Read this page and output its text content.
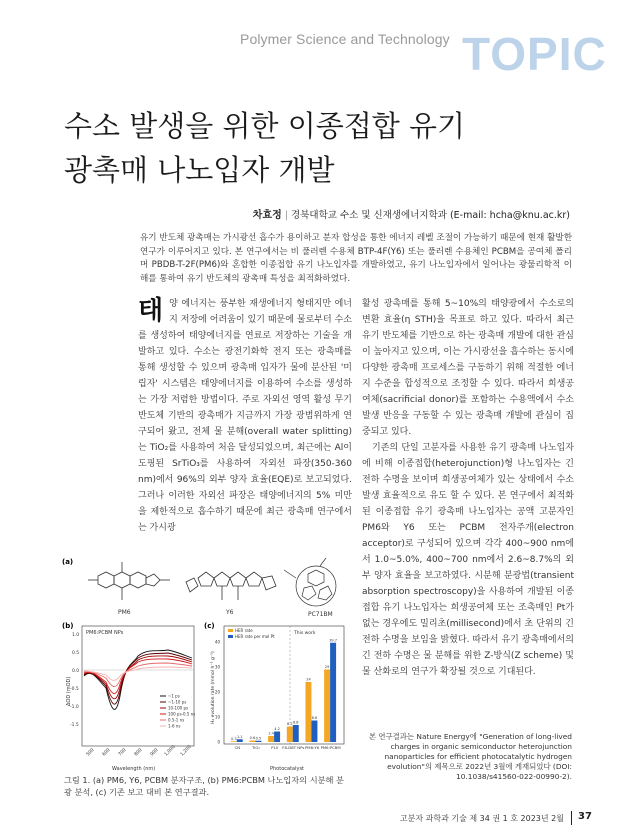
Polymer Science and Technology TOPIC
수소 발생을 위한 이종접합 유기
광촉매 나노입자 개발
차효정 | 경북대학교 수소 및 신재생에너지학과 (E-mail: hcha@knu.ac.kr)
유기 반도체 광촉매는 가시광선 흡수가 용이하고 분자 합성을 통한 에너지 레벨 조절이 가능하기 때문에 현재 활발한 연구가 이루어지고 있다. 본 연구에서는 비 풀러렌 수용체 BTP-4F(Y6) 또는 풀러렌 수용체인 PCBM을 공여체 폴리머 PBDB-T-2F(PM6)와 혼합한 이종접합 유기 나노입자를 개발하였고, 유기 나노입자에서 일어나는 광물리학적 이해를 통하여 유기 반도체의 광촉매 특성을 최적화하였다.
태 양 에너지는 풍부한 재생에너지 형태지만 에너지 저장에 어려움이 있기 때문에 물로부터 수소를 생성하여 태양에너지를 연료로 저장하는 기술을 개발하고 있다. 수소는 광전기화학 전지 또는 광촉매를 통해 생성할 수 있으며 광촉매 입자가 물에 분산된 '미립자' 시스템은 태양에너지를 이용하여 수소를 생성하는 가장 저렴한 방법이다. 주로 자외선 영역 활성 무기 반도체 기반의 광촉매가 지금까지 가장 광범위하게 연구되어 왔고, 전체 물 분해(overall water splitting)는 TiO₂를 사용하여 처음 달성되었으며, 최근에는 Al이 도핑된 SrTiO₃를 사용하여 자외선 파장(350-360 nm)에서 96%의 외부 양자 효율(EQE)로 보고되었다. 그러나 이러한 자외선 파장은 태양에너지의 5% 미만을 제한적으로 흡수하기 때문에 최근 광촉매 연구에서는 가시광

활성 광촉매를 통해 5~10%의 태양광에서 수소로의 변환 효율(η STH)을 목표로 하고 있다. 따라서 최근 유기 반도체를 기반으로 하는 광촉매 개발에 대한 관심이 높아지고 있으며, 이는 가시광선을 흡수하는 동시에 다양한 광촉매 프로세스를 구동하기 위해 적절한 에너지 수준을 합성적으로 조정할 수 있다. 따라서 희생공여체(sacrificial donor)를 포함하는 수용액에서 수소 발생 반응을 구동할 수 있는 광촉매 개발에 관심이 집중되고 있다.

기존의 단일 고분자를 사용한 유기 광촉매 나노입자에 비해 이종접합(heterojunction)형 나노입자는 긴 전하 수명을 보이며 희생공여체가 있는 상태에서 수소 발생 효율적으로 유도 할 수 있다. 본 연구에서 최적화된 이종접합 유기 광촉매 나노입자는 공액 고분자인 PM6와 Y6 또는 PCBM 전자주개(electron acceptor)로 구성되어 있으며 각각 400~900 nm에서 1.0~5.0%, 400~700 nm에서 2.6~8.7%의 외부 양자 효율을 보고하였다. 시분해 분광법(transient absorption spectroscopy)을 사용하여 개발된 이종접합 유기 나노입자는 희생공여체 또는 조촉매인 Pt가 없는 경우에도 밀리초(millisecond)에서 초 단위의 긴 전하 수명을 보임을 밝혔다. 따라서 유기 광촉매에서의 긴 전하 수명은 물 분해를 위한 Z-방식(Z scheme) 및 물 산화로의 연구가 확장될 것으로 기대된다.

본 연구결과는 Nature Energy에 "Generation of long-lived charges in organic semiconductor heterojunction nanoparticles for efficient photocatalytic hydrogen evolution"의 제목으로 2022년 3월에 게재되었다 (DOI: 10.1038/s41560-022-00990-2).
(a)
PM6	Y6	PC71BM
(b)
PM6:PCBM NPs
ΔOD (mOD)
Wavelength (nm)
1.0
0.5
0.0
-0.5
-1.0
-1.5
500 600 700 800 900 1,000 1,200
~1 ps
~1-10 ps
10-100 ps
100 ps-0.5 ns
0.5-1 ns
1-6 ns
(c)
This work
HER rate
HER rate per mol Pt
H₂ evolution rate (mmol h⁻¹ g⁻¹)
Photocatalyst
0.3	0.6
2.4
6.2
24
29
1.1	0.5
4.2
6.8
8.6
39.7
CN	TiO₂	P10 F8-DBT NPs PM6:Y6 PM6:PCBM
0
10
20
30
40
그림 1. (a) PM6, Y6, PCBM 분자구조, (b) PM6:PCBM 나노입자의 시분해 분광 분석, (c) 기존 보고 대비 본 연구결과.
고분자 과학과 기술 제 34 권 1 호 2023년 2월 37
